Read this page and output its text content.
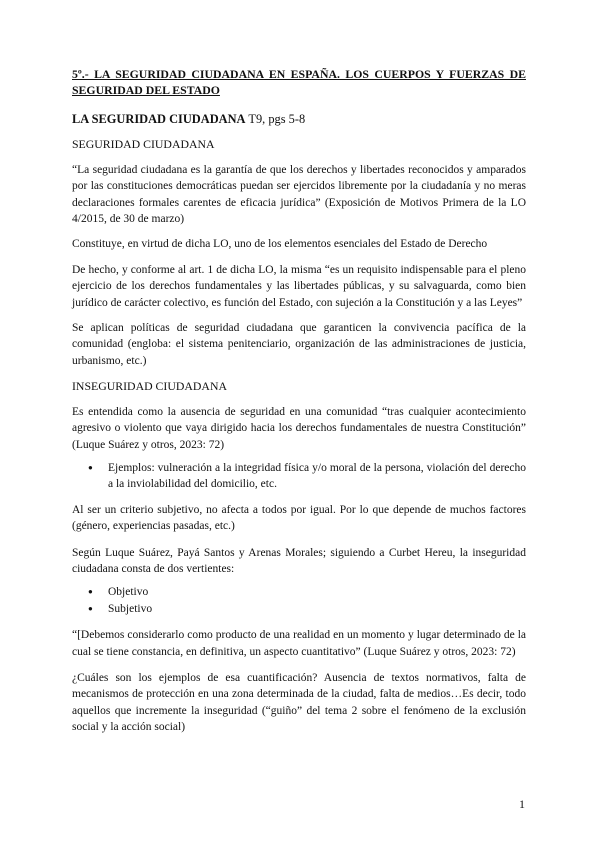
5º.- LA SEGURIDAD CIUDADANA EN ESPAÑA. LOS CUERPOS Y FUERZAS DE SEGURIDAD DEL ESTADO

LA SEGURIDAD CIUDADANA T9, pgs 5-8

SEGURIDAD CIUDADANA

“La seguridad ciudadana es la garantía de que los derechos y libertades reconocidos y amparados por las constituciones democráticas puedan ser ejercidos libremente por la ciudadanía y no meras declaraciones formales carentes de eficacia jurídica” (Exposición de Motivos Primera de la LO 4/2015, de 30 de marzo)

Constituye, en virtud de dicha LO, uno de los elementos esenciales del Estado de Derecho

De hecho, y conforme al art. 1 de dicha LO, la misma “es un requisito indispensable para el pleno ejercicio de los derechos fundamentales y las libertades públicas, y su salvaguarda, como bien jurídico de carácter colectivo, es función del Estado, con sujeción a la Constitución y a las Leyes”

Se aplican políticas de seguridad ciudadana que garanticen la convivencia pacífica de la comunidad (engloba: el sistema penitenciario, organización de las administraciones de justicia, urbanismo, etc.)

INSEGURIDAD CIUDADANA

Es entendida como la ausencia de seguridad en una comunidad “tras cualquier acontecimiento agresivo o violento que vaya dirigido hacia los derechos fundamentales de nuestra Constitución” (Luque Suárez y otros, 2023: 72)

● Ejemplos: vulneración a la integridad física y/o moral de la persona, violación del derecho a la inviolabilidad del domicilio, etc.

Al ser un criterio subjetivo, no afecta a todos por igual. Por lo que depende de muchos factores (género, experiencias pasadas, etc.)

Según Luque Suárez, Payá Santos y Arenas Morales; siguiendo a Curbet Hereu, la inseguridad ciudadana consta de dos vertientes:

● Objetivo
● Subjetivo

“[Debemos considerarlo como producto de una realidad en un momento y lugar determinado de la cual se tiene constancia, en definitiva, un aspecto cuantitativo” (Luque Suárez y otros, 2023: 72)

¿Cuáles son los ejemplos de esa cuantificación? Ausencia de textos normativos, falta de mecanismos de protección en una zona determinada de la ciudad, falta de medios…Es decir, todo aquellos que incremente la inseguridad (“guiño” del tema 2 sobre el fenómeno de la exclusión social y la acción social)

1
